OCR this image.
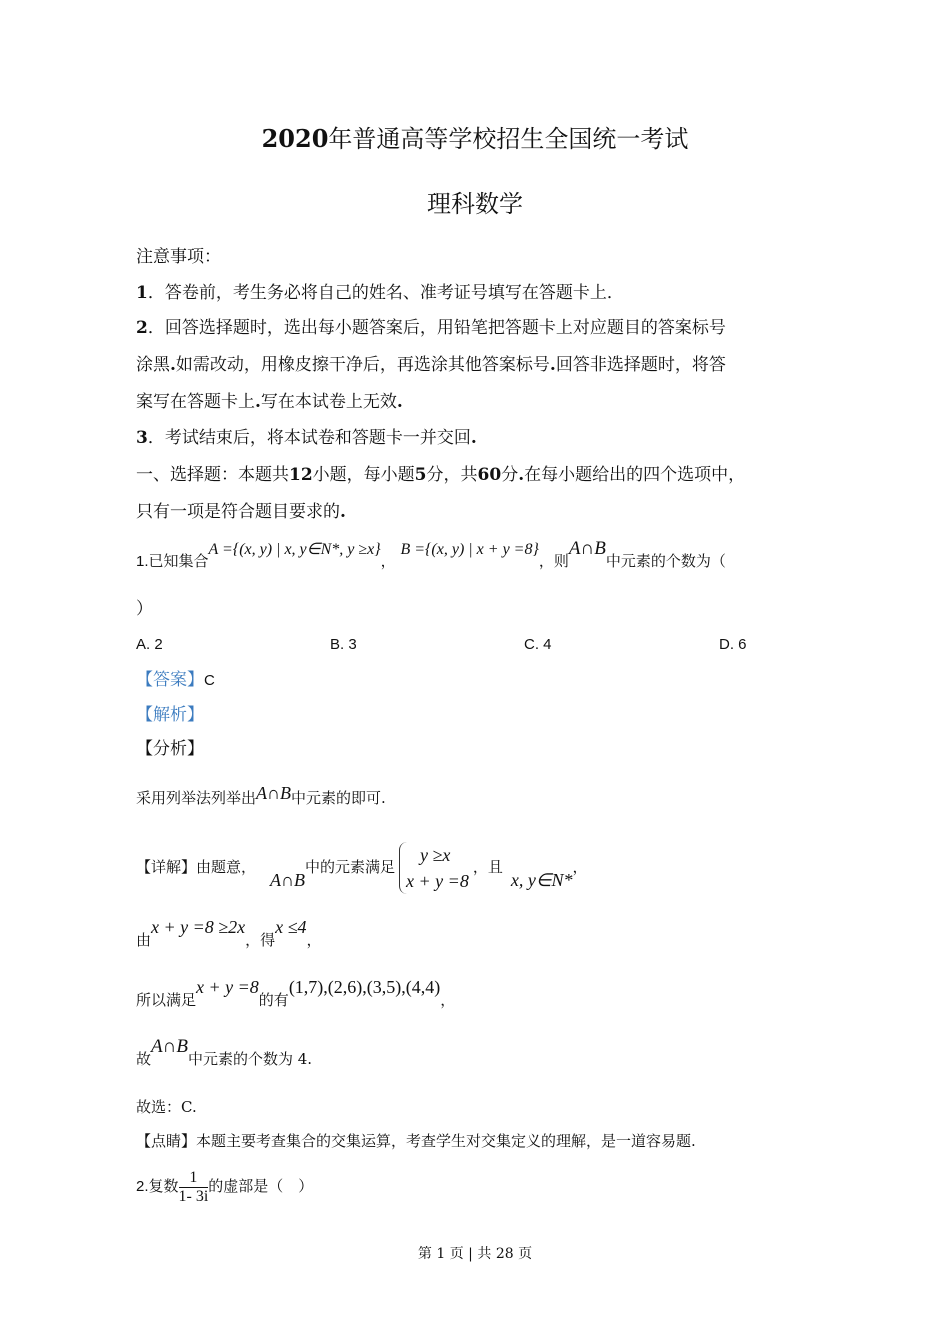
2020年普通高等学校招生全国统一考试
理科数学
注意事项：
1．答卷前，考生务必将自己的姓名、准考证号填写在答题卡上．
2．回答选择题时，选出每小题答案后，用铅笔把答题卡上对应题目的答案标号
涂黑.如需改动，用橡皮擦干净后，再选涂其他答案标号.回答非选择题时，将答
案写在答题卡上.写在本试卷上无效.
3．考试结束后，将本试卷和答题卡一并交回.
一、选择题：本题共12小题，每小题5分，共60分.在每小题给出的四个选项中，
只有一项是符合题目要求的.
1.已知集合A ={(x, y) | x, y∈N*, y ≥x}， B ={(x, y) | x + y =8}，则A∩B中元素的个数为（
）
A. 2	B. 3	C. 4	D. 6
【答案】C
【解析】
【分析】
采用列举法列举出A∩B中元素的即可.
【详解】由题意，A∩B中的元素满足
y ≥x
x + y =8
，且x, y∈N*，
由x + y =8 ≥2x，得x ≤4，
所以满足x + y =8的有(1,7),(2,6),(3,5),(4,4)，
故A∩B中元素的个数为 4.
故选：C.
【点睛】本题主要考查集合的交集运算，考查学生对交集定义的理解，是一道容易题.
2.复数 $\frac{1}{1- 3i}$ 的虚部是（　）
第 1 页 | 共 28 页
